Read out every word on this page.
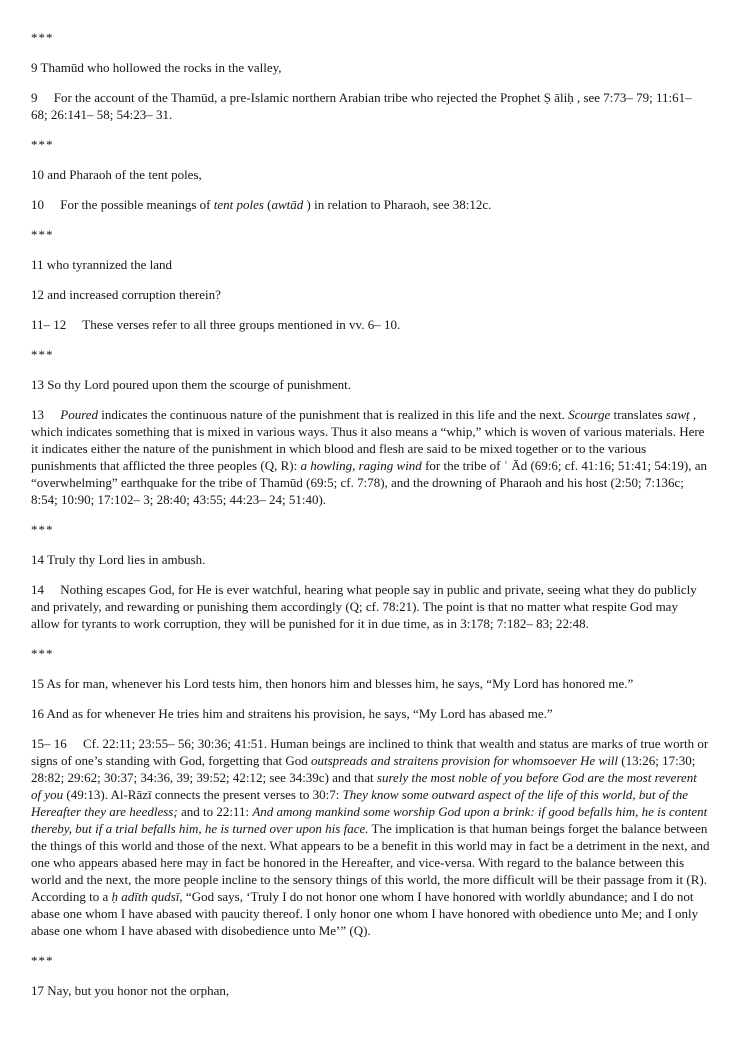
***

9 Thamūd who hollowed the rocks in the valley,

9     For the account of the Thamūd, a pre-Islamic northern Arabian tribe who rejected the Prophet Ṣ āliḥ , see 7:73– 79; 11:61– 68; 26:141– 58; 54:23– 31.

***

10 and Pharaoh of the tent poles,

10     For the possible meanings of tent poles (awtād ) in relation to Pharaoh, see 38:12c.

***

11 who tyrannized the land

12 and increased corruption therein?

11– 12     These verses refer to all three groups mentioned in vv. 6– 10.

***

13 So thy Lord poured upon them the scourge of punishment.

13     Poured indicates the continuous nature of the punishment that is realized in this life and the next. Scourge translates sawṭ , which indicates something that is mixed in various ways. Thus it also means a “whip,” which is woven of various materials. Here it indicates either the nature of the punishment in which blood and flesh are said to be mixed together or to the various punishments that afflicted the three peoples (Q, R): a howling, raging wind for the tribe of ʿ Ād (69:6; cf. 41:16; 51:41; 54:19), an “overwhelming” earthquake for the tribe of Thamūd (69:5; cf. 7:78), and the drowning of Pharaoh and his host (2:50; 7:136c; 8:54; 10:90; 17:102– 3; 28:40; 43:55; 44:23– 24; 51:40).

***

14 Truly thy Lord lies in ambush.

14     Nothing escapes God, for He is ever watchful, hearing what people say in public and private, seeing what they do publicly and privately, and rewarding or punishing them accordingly (Q; cf. 78:21). The point is that no matter what respite God may allow for tyrants to work corruption, they will be punished for it in due time, as in 3:178; 7:182– 83; 22:48.

***

15 As for man, whenever his Lord tests him, then honors him and blesses him, he says, “My Lord has honored me.”

16 And as for whenever He tries him and straitens his provision, he says, “My Lord has abased me.”

15– 16     Cf. 22:11; 23:55– 56; 30:36; 41:51. Human beings are inclined to think that wealth and status are marks of true worth or signs of one’s standing with God, forgetting that God outspreads and straitens provision for whomsoever He will (13:26; 17:30; 28:82; 29:62; 30:37; 34:36, 39; 39:52; 42:12; see 34:39c) and that surely the most noble of you before God are the most reverent of you (49:13). Al-Rāzī connects the present verses to 30:7: They know some outward aspect of the life of this world, but of the Hereafter they are heedless; and to 22:11: And among mankind some worship God upon a brink: if good befalls him, he is content thereby, but if a trial befalls him, he is turned over upon his face. The implication is that human beings forget the balance between the things of this world and those of the next. What appears to be a benefit in this world may in fact be a detriment in the next, and one who appears abased here may in fact be honored in the Hereafter, and vice-versa. With regard to the balance between this world and the next, the more people incline to the sensory things of this world, the more difficult will be their passage from it (R). According to a ḥ adīth qudsī, “God says, ‘Truly I do not honor one whom I have honored with worldly abundance; and I do not abase one whom I have abased with paucity thereof. I only honor one whom I have honored with obedience unto Me; and I only abase one whom I have abased with disobedience unto Me’” (Q).

***

17 Nay, but you honor not the orphan,
